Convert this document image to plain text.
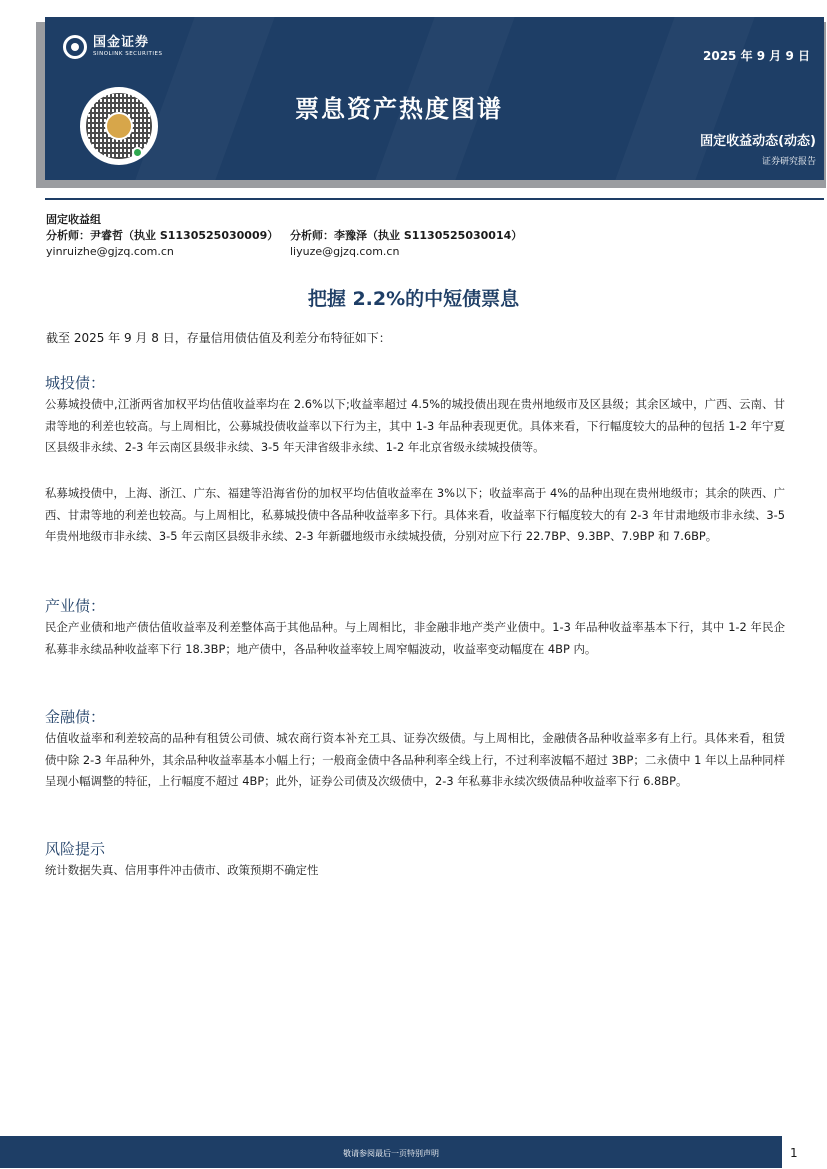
国金证券
SINOLINK SECURITIES	2025 年 9 月 9 日
票息资产热度图谱
固定收益动态(动态)
证券研究报告
固定收益组
分析师：尹睿哲（执业 S1130525030009） 分析师：李豫泽（执业 S1130525030014）
yinruizhe@gjzq.com.cn	liyuze@gjzq.com.cn
把握 2.2%的中短债票息
截至 2025 年 9 月 8 日，存量信用债估值及利差分布特征如下：
城投债：
公募城投债中,江浙两省加权平均估值收益率均在 2.6%以下;收益率超过 4.5%的城投债出现在贵州地级市及区县级；其余区域中，广西、云南、甘肃等地的利差也较高。与上周相比，公募城投债收益率以下行为主，其中 1-3 年品种表现更优。具体来看，下行幅度较大的品种的包括 1-2 年宁夏区县级非永续、2-3 年云南区县级非永续、3-5 年天津省级非永续、1-2 年北京省级永续城投债等。
私募城投债中，上海、浙江、广东、福建等沿海省份的加权平均估值收益率在 3%以下；收益率高于 4%的品种出现在贵州地级市；其余的陕西、广西、甘肃等地的利差也较高。与上周相比，私募城投债中各品种收益率多下行。具体来看，收益率下行幅度较大的有 2-3 年甘肃地级市非永续、3-5 年贵州地级市非永续、3-5 年云南区县级非永续、2-3 年新疆地级市永续城投债，分别对应下行 22.7BP、9.3BP、7.9BP 和 7.6BP。
产业债：
民企产业债和地产债估值收益率及利差整体高于其他品种。与上周相比，非金融非地产类产业债中。1-3 年品种收益率基本下行，其中 1-2 年民企私募非永续品种收益率下行 18.3BP；地产债中，各品种收益率较上周窄幅波动，收益率变动幅度在 4BP 内。
金融债：
估值收益率和利差较高的品种有租赁公司债、城农商行资本补充工具、证券次级债。与上周相比，金融债各品种收益率多有上行。具体来看，租赁债中除 2-3 年品种外，其余品种收益率基本小幅上行；一般商金债中各品种利率全线上行，不过利率波幅不超过 3BP；二永债中 1 年以上品种同样呈现小幅调整的特征，上行幅度不超过 4BP；此外，证券公司债及次级债中，2-3 年私募非永续次级债品种收益率下行 6.8BP。
风险提示
统计数据失真、信用事件冲击债市、政策预期不确定性
敬请参阅最后一页特别声明	1
